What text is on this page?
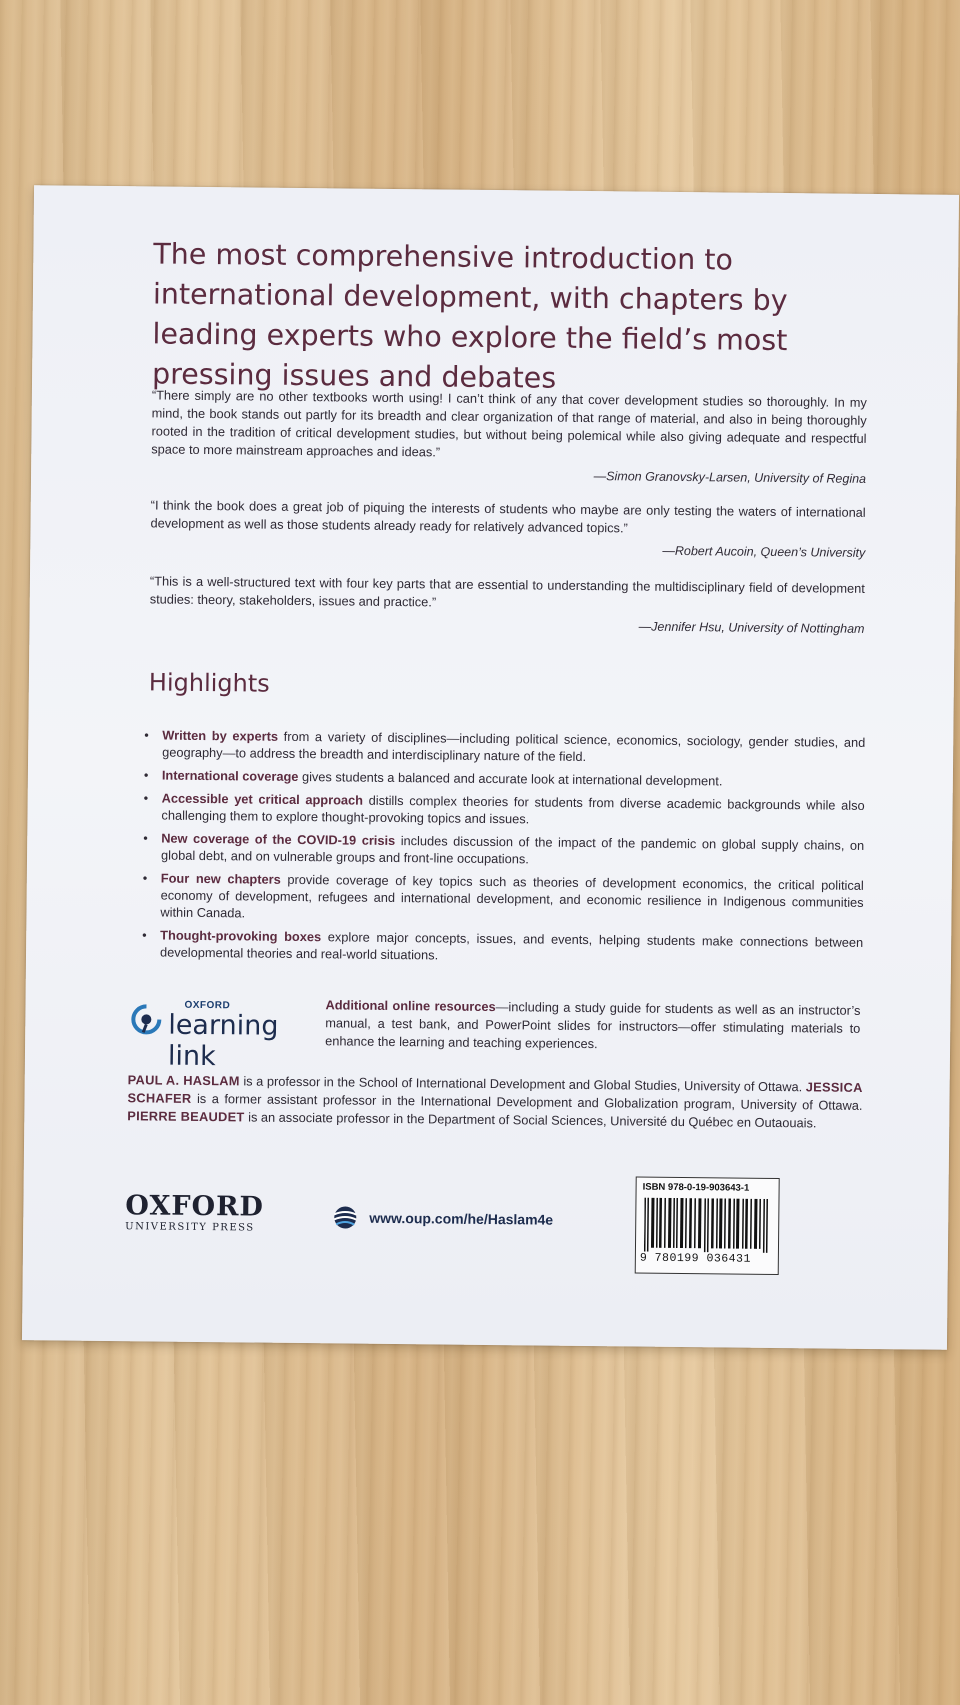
The most comprehensive introduction to international development, with chapters by leading experts who explore the field’s most pressing issues and debates

“There simply are no other textbooks worth using! I can’t think of any that cover development studies so thoroughly. In my mind, the book stands out partly for its breadth and clear organization of that range of material, and also in being thoroughly rooted in the tradition of critical development studies, but without being polemical while also giving adequate and respectful space to more mainstream approaches and ideas.”

—Simon Granovsky-Larsen, University of Regina

“I think the book does a great job of piquing the interests of students who maybe are only testing the waters of international development as well as those students already ready for relatively advanced topics.”

—Robert Aucoin, Queen’s University

“This is a well-structured text with four key parts that are essential to understanding the multidisciplinary field of development studies: theory, stakeholders, issues and practice.”

—Jennifer Hsu, University of Nottingham

Highlights
• Written by experts from a variety of disciplines—including political science, economics, sociology, gender studies, and geography—to address the breadth and interdisciplinary nature of the field.
• International coverage gives students a balanced and accurate look at international development.
• Accessible yet critical approach distills complex theories for students from diverse academic backgrounds while also challenging them to explore thought-provoking topics and issues.
• New coverage of the COVID-19 crisis includes discussion of the impact of the pandemic on global supply chains, on global debt, and on vulnerable groups and front-line occupations.
• Four new chapters provide coverage of key topics such as theories of development economics, the critical political economy of development, refugees and international development, and economic resilience in Indigenous communities within Canada.
• Thought-provoking boxes explore major concepts, issues, and events, helping students make connections between developmental theories and real-world situations.
OXFORD
learning link

Additional online resources—including a study guide for students as well as an instructor’s manual, a test bank, and PowerPoint slides for instructors—offer stimulating materials to enhance the learning and teaching experiences.

PAUL A. HASLAM is a professor in the School of International Development and Global Studies, University of Ottawa. JESSICA SCHAFER is a former assistant professor in the International Development and Globalization program, University of Ottawa. PIERRE BEAUDET is an associate professor in the Department of Social Sciences, Université du Québec en Outaouais.

OXFORD
UNIVERSITY PRESS	www.oup.com/he/Haslam4e
ISBN 978-0-19-903643-1
9 780199 036431
